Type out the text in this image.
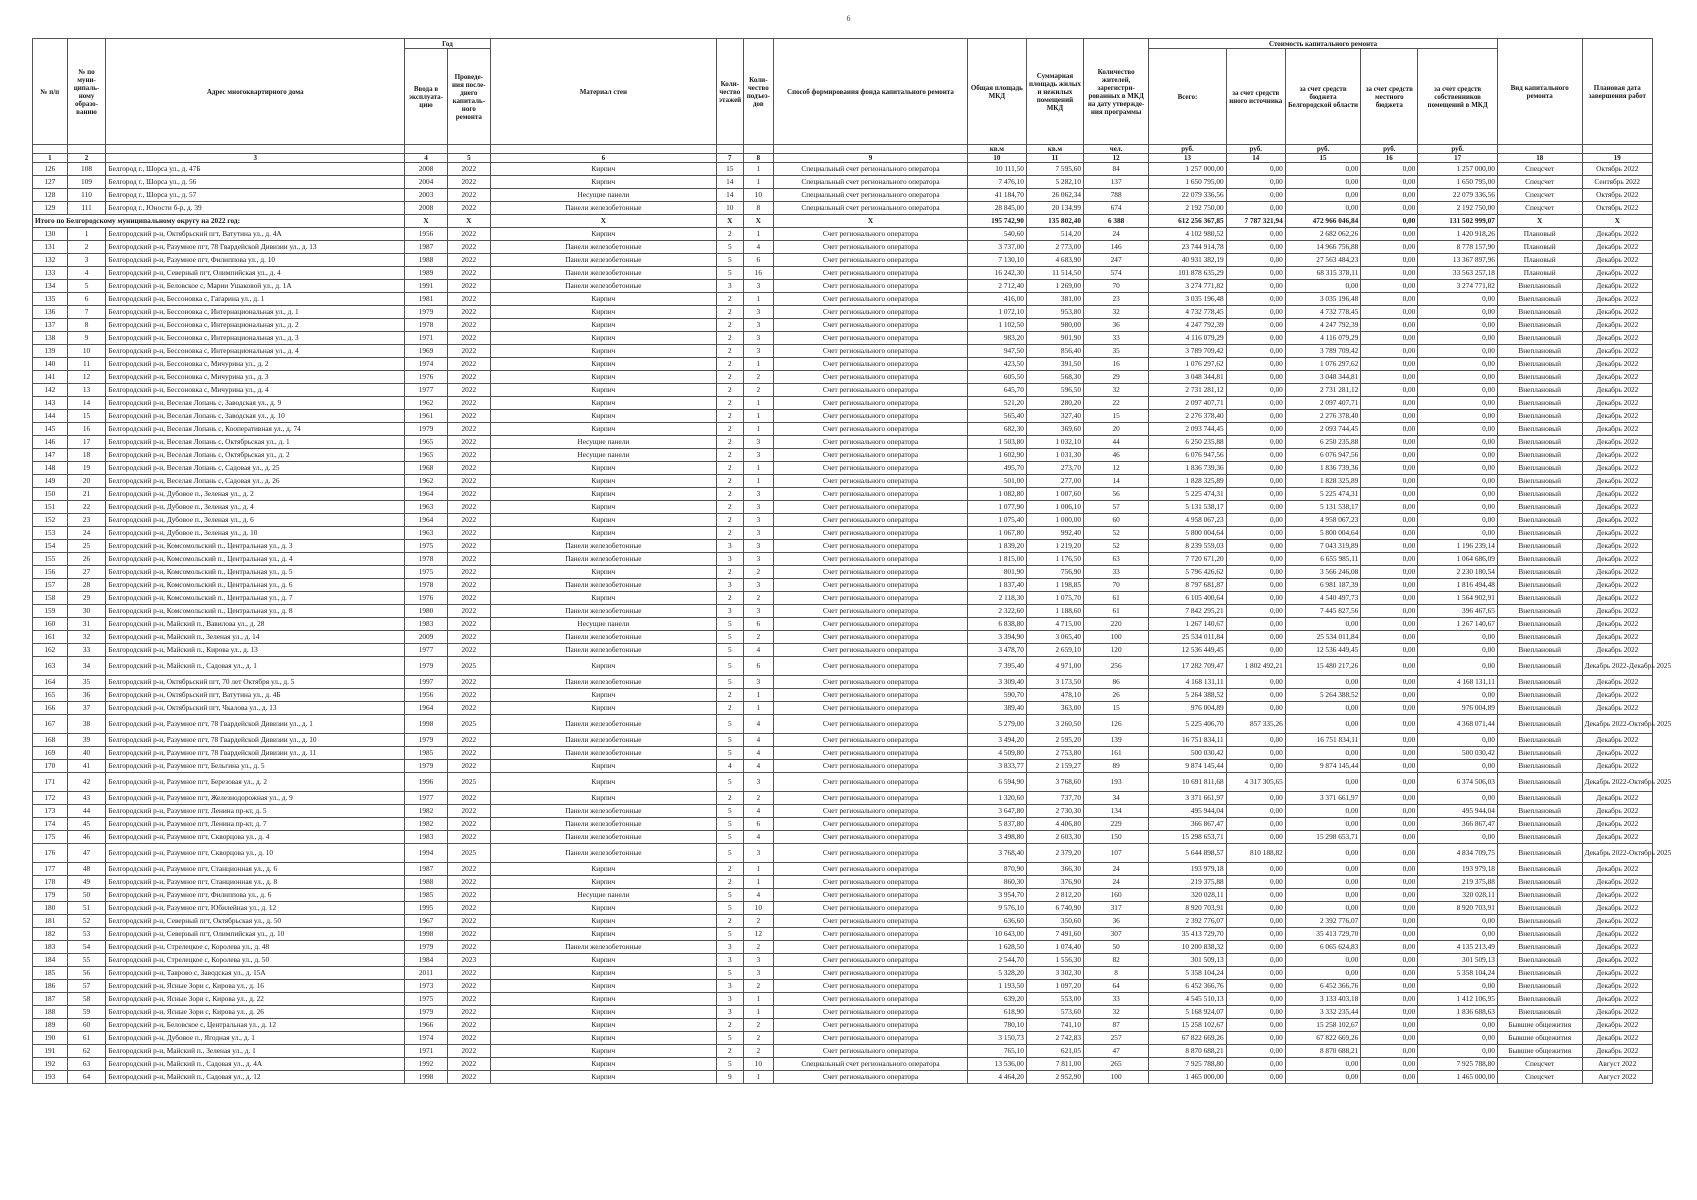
6
№ п/п	№ по муни-ципаль-ному образо-ванию	Адрес многоквартирного дома	Год		Материал стен	Коли-чество этажей	Коли-чество подъез-дов	Способ формирования фонда капитального ремонта	Общая площадь МКД	Суммарная площадь жилых и нежилых помещений МКД	Количество жителей, зарегистри-рованных в МКД на дату утвержде-ния программы	Стоимость капитального ремонта					Вид капитального ремонта	Плановая дата завершения работ
			Ввода в эксплуата-цию	Проведе-ния после-днего капиталь-ного ремонта								Всего:	за счет средств иного источника	за счет средств бюджета Белгородской области	за счет средств местного бюджета	за счет средств собственников помещений в МКД		
									кв.м	кв.м	чел.	руб.	руб.	руб.	руб.	руб.		
1	2	3	4	5	6	7	8	9	10	11	12	13	14	15	16	17	18	19
126	108	Белгород г., Шорса ул., д. 47Б	2008	2022	Кирпич	15	1	Специальный счет регионального оператора	10 111,50	7 595,60	84	1 257 000,00	0,00	0,00	0,00	1 257 000,00	Спецсчет	Октябрь 2022
127	109	Белгород г., Шорса ул., д. 56	2004	2022	Кирпич	14	1	Специальный счет регионального оператора	7 476,10	5 282,10	137	1 650 795,00	0,00	0,00	0,00	1 650 795,00	Спецсчет	Сентябрь 2022
128	110	Белгород г., Шорса ул., д. 57	2003	2022	Несущие панели	14	10	Специальный счет регионального оператора	41 184,70	26 062,34	788	22 079 336,56	0,00	0,00	0,00	22 079 336,56	Спецсчет	Октябрь 2022
129	111	Белгород г., Юности б-р, д. 39	2008	2022	Панели железобетонные	10	8	Специальный счет регионального оператора	28 845,00	20 134,99	674	2 192 750,00	0,00	0,00	0,00	2 192 750,00	Спецсчет	Октябрь 2022
Итого по Белгородскому муниципальному округу на 2022 год:			X	X	X	X	X	X	195 742,90	135 802,40	6 388	612 256 367,85	7 787 321,94	472 966 046,84	0,00	131 502 999,07	X	X
130	1	Белгородский р-н, Октябрьский пгт, Ватутина ул., д. 4А	1956	2022	Кирпич	2	1	Счет регионального оператора	540,60	514,20	24	4 102 980,52	0,00	2 682 062,26	0,00	1 420 918,26	Плановый	Декабрь 2022
131	2	Белгородский р-н, Разумное пгт, 78 Гвардейской Дивизии ул., д. 13	1987	2022	Панели железобетонные	5	4	Счет регионального оператора	3 737,00	2 773,00	146	23 744 914,78	0,00	14 966 756,88	0,00	8 778 157,90	Плановый	Декабрь 2022
132	3	Белгородский р-н, Разумное пгт, Филиппова ул., д. 10	1988	2022	Панели железобетонные	5	6	Счет регионального оператора	7 130,10	4 683,90	247	40 931 382,19	0,00	27 563 484,23	0,00	13 367 897,96	Плановый	Декабрь 2022
133	4	Белгородский р-н, Северный пгт, Олимпийская ул., д. 4	1989	2022	Панели железобетонные	5	16	Счет регионального оператора	16 242,30	11 514,50	574	101 878 635,29	0,00	68 315 378,11	0,00	33 563 257,18	Плановый	Декабрь 2022
134	5	Белгородский р-н, Беловское с, Марии Ушаковой ул., д. 1А	1991	2022	Панели железобетонные	3	3	Счет регионального оператора	2 712,40	1 269,00	70	3 274 771,82	0,00	0,00	0,00	3 274 771,82	Внеплановый	Декабрь 2022
135	6	Белгородский р-н, Бессоновка с, Гагарина ул., д. 1	1981	2022	Кирпич	2	1	Счет регионального оператора	416,00	381,00	23	3 035 196,48	0,00	3 035 196,48	0,00	0,00	Внеплановый	Декабрь 2022
136	7	Белгородский р-н, Бессоновка с, Интернациональная ул., д. 1	1979	2022	Кирпич	2	3	Счет регионального оператора	1 072,10	953,80	32	4 732 778,45	0,00	4 732 778,45	0,00	0,00	Внеплановый	Декабрь 2022
137	8	Белгородский р-н, Бессоновка с, Интернациональная ул., д. 2	1978	2022	Кирпич	2	3	Счет регионального оператора	1 102,50	980,00	36	4 247 792,39	0,00	4 247 792,39	0,00	0,00	Внеплановый	Декабрь 2022
138	9	Белгородский р-н, Бессоновка с, Интернациональная ул., д. 3	1971	2022	Кирпич	2	3	Счет регионального оператора	983,20	901,90	33	4 116 079,29	0,00	4 116 079,29	0,00	0,00	Внеплановый	Декабрь 2022
139	10	Белгородский р-н, Бессоновка с, Интернациональная ул., д. 4	1969	2022	Кирпич	2	3	Счет регионального оператора	947,50	856,40	35	3 789 709,42	0,00	3 789 709,42	0,00	0,00	Внеплановый	Декабрь 2022
140	11	Белгородский р-н, Бессоновка с, Мичурина ул., д. 2	1974	2022	Кирпич	2	1	Счет регионального оператора	423,50	391,50	16	1 076 297,62	0,00	1 076 297,62	0,00	0,00	Внеплановый	Декабрь 2022
141	12	Белгородский р-н, Бессоновка с, Мичурина ул., д. 3	1976	2022	Кирпич	2	2	Счет регионального оператора	605,50	568,30	29	3 048 344,81	0,00	3 048 344,81	0,00	0,00	Внеплановый	Декабрь 2022
142	13	Белгородский р-н, Бессоновка с, Мичурина ул., д. 4	1977	2022	Кирпич	2	2	Счет регионального оператора	645,70	596,50	32	2 731 281,12	0,00	2 731 281,12	0,00	0,00	Внеплановый	Декабрь 2022
143	14	Белгородский р-н, Веселая Лопань с, Заводская ул., д. 9	1962	2022	Кирпич	2	1	Счет регионального оператора	521,20	280,20	22	2 097 407,71	0,00	2 097 407,71	0,00	0,00	Внеплановый	Декабрь 2022
144	15	Белгородский р-н, Веселая Лопань с, Заводская ул., д. 10	1961	2022	Кирпич	2	1	Счет регионального оператора	565,40	327,40	15	2 276 378,40	0,00	2 276 378,40	0,00	0,00	Внеплановый	Декабрь 2022
145	16	Белгородский р-н, Веселая Лопань с, Кооперативная ул., д. 74	1979	2022	Кирпич	2	1	Счет регионального оператора	682,30	369,60	20	2 093 744,45	0,00	2 093 744,45	0,00	0,00	Внеплановый	Декабрь 2022
146	17	Белгородский р-н, Веселая Лопань с, Октябрьская ул., д. 1	1965	2022	Несущие панели	2	3	Счет регионального оператора	1 503,80	1 032,10	44	6 250 235,88	0,00	6 250 235,88	0,00	0,00	Внеплановый	Декабрь 2022
147	18	Белгородский р-н, Веселая Лопань с, Октябрьская ул., д. 2	1965	2022	Несущие панели	2	3	Счет регионального оператора	1 602,90	1 031,30	46	6 076 947,56	0,00	6 076 947,56	0,00	0,00	Внеплановый	Декабрь 2022
148	19	Белгородский р-н, Веселая Лопань с, Садовая ул., д. 25	1968	2022	Кирпич	2	1	Счет регионального оператора	495,70	273,70	12	1 836 739,36	0,00	1 836 739,36	0,00	0,00	Внеплановый	Декабрь 2022
149	20	Белгородский р-н, Веселая Лопань с, Садовая ул., д. 26	1962	2022	Кирпич	2	1	Счет регионального оператора	501,00	277,00	14	1 828 325,89	0,00	1 828 325,89	0,00	0,00	Внеплановый	Декабрь 2022
150	21	Белгородский р-н, Дубовое п., Зеленая ул., д. 2	1964	2022	Кирпич	2	3	Счет регионального оператора	1 082,80	1 007,60	56	5 225 474,31	0,00	5 225 474,31	0,00	0,00	Внеплановый	Декабрь 2022
151	22	Белгородский р-н, Дубовое п., Зеленая ул., д. 4	1963	2022	Кирпич	2	3	Счет регионального оператора	1 077,90	1 006,10	57	5 131 538,17	0,00	5 131 538,17	0,00	0,00	Внеплановый	Декабрь 2022
152	23	Белгородский р-н, Дубовое п., Зеленая ул., д. 6	1964	2022	Кирпич	2	3	Счет регионального оператора	1 075,40	1 000,00	60	4 958 067,23	0,00	4 958 067,23	0,00	0,00	Внеплановый	Декабрь 2022
153	24	Белгородский р-н, Дубовое п., Зеленая ул., д. 10	1963	2022	Кирпич	2	3	Счет регионального оператора	1 067,80	992,40	52	5 800 004,64	0,00	5 800 004,64	0,00	0,00	Внеплановый	Декабрь 2022
154	25	Белгородский р-н, Комсомольский п., Центральная ул., д. 3	1975	2022	Панели железобетонные	3	3	Счет регионального оператора	1 839,20	1 219,20	52	8 239 559,03	0,00	7 043 319,89	0,00	1 196 239,14	Внеплановый	Декабрь 2022
155	26	Белгородский р-н, Комсомольский п., Центральная ул., д. 4	1978	2022	Панели железобетонные	3	3	Счет регионального оператора	1 815,00	1 176,50	63	7 720 671,20	0,00	6 655 985,11	0,00	1 064 686,09	Внеплановый	Декабрь 2022
156	27	Белгородский р-н, Комсомольский п., Центральная ул., д. 5	1975	2022	Кирпич	2	2	Счет регионального оператора	801,90	756,90	33	5 796 426,62	0,00	3 566 246,08	0,00	2 230 180,54	Внеплановый	Декабрь 2022
157	28	Белгородский р-н, Комсомольский п., Центральная ул., д. 6	1978	2022	Панели железобетонные	3	3	Счет регионального оператора	1 837,40	1 198,85	70	8 797 681,87	0,00	6 981 187,39	0,00	1 816 494,48	Внеплановый	Декабрь 2022
158	29	Белгородский р-н, Комсомольский п., Центральная ул., д. 7	1976	2022	Кирпич	2	2	Счет регионального оператора	2 118,30	1 075,70	61	6 105 400,64	0,00	4 540 497,73	0,00	1 564 902,91	Внеплановый	Декабрь 2022
159	30	Белгородский р-н, Комсомольский п., Центральная ул., д. 8	1980	2022	Панели железобетонные	3	3	Счет регионального оператора	2 322,60	1 188,60	61	7 842 295,21	0,00	7 445 827,56	0,00	396 467,65	Внеплановый	Декабрь 2022
160	31	Белгородский р-н, Майский п., Вавилова ул., д. 28	1983	2022	Несущие панели	5	6	Счет регионального оператора	6 838,80	4 715,00	220	1 267 140,67	0,00	0,00	0,00	1 267 140,67	Внеплановый	Декабрь 2022
161	32	Белгородский р-н, Майский п., Зеленая ул., д. 14	2009	2022	Панели железобетонные	5	2	Счет регионального оператора	3 394,90	3 065,40	100	25 534 011,84	0,00	25 534 011,84	0,00	0,00	Внеплановый	Декабрь 2022
162	33	Белгородский р-н, Майский п., Кирова ул., д. 13	1977	2022	Панели железобетонные	5	4	Счет регионального оператора	3 478,70	2 659,10	120	12 536 449,45	0,00	12 536 449,45	0,00	0,00	Внеплановый	Декабрь 2022
163	34	Белгородский р-н, Майский п., Садовая ул., д. 1	1979	2025	Кирпич	5	6	Счет регионального оператора	7 395,40	4 971,00	256	17 282 709,47	1 802 492,21	15 480 217,26	0,00	0,00	Внеплановый	Декабрь 2022-Декабрь 2025
164	35	Белгородский р-н, Октябрьский пгт, 70 лет Октября ул., д. 5	1997	2022	Панели железобетонные	5	3	Счет регионального оператора	3 309,40	3 173,50	86	4 168 131,11	0,00	0,00	0,00	4 168 131,11	Внеплановый	Декабрь 2022
165	36	Белгородский р-н, Октябрьский пгт, Ватутина ул., д. 4Б	1956	2022	Кирпич	2	1	Счет регионального оператора	590,70	478,10	26	5 264 388,52	0,00	5 264 388,52	0,00	0,00	Внеплановый	Декабрь 2022
166	37	Белгородский р-н, Октябрьский пгт, Чкалова ул., д. 13	1964	2022	Кирпич	2	1	Счет регионального оператора	389,40	363,00	15	976 004,89	0,00	0,00	0,00	976 004,89	Внеплановый	Декабрь 2022
167	38	Белгородский р-н, Разумное пгт, 78 Гвардейской Дивизии ул., д. 1	1998	2025	Панели железобетонные	5	4	Счет регионального оператора	5 279,00	3 260,50	126	5 225 406,70	857 335,26	0,00	0,00	4 368 071,44	Внеплановый	Декабрь 2022-Октябрь 2025
168	39	Белгородский р-н, Разумное пгт, 78 Гвардейской Дивизии ул., д. 10	1979	2022	Панели железобетонные	5	4	Счет регионального оператора	3 494,20	2 595,20	139	16 751 834,11	0,00	16 751 834,11	0,00	0,00	Внеплановый	Декабрь 2022
169	40	Белгородский р-н, Разумное пгт, 78 Гвардейской Дивизии ул., д. 11	1985	2022	Панели железобетонные	5	4	Счет регионального оператора	4 509,80	2 753,80	161	500 030,42	0,00	0,00	0,00	500 030,42	Внеплановый	Декабрь 2022
170	41	Белгородский р-н, Разумное пгт, Бельгина ул., д. 5	1979	2022	Кирпич	4	4	Счет регионального оператора	3 833,77	2 159,27	89	9 874 145,44	0,00	9 874 145,44	0,00	0,00	Внеплановый	Декабрь 2022
171	42	Белгородский р-н, Разумное пгт, Березовая ул., д. 2	1996	2025	Кирпич	5	3	Счет регионального оператора	6 594,90	3 768,60	193	10 691 811,68	4 317 305,65	0,00	0,00	6 374 506,03	Внеплановый	Декабрь 2022-Октябрь 2025
172	43	Белгородский р-н, Разумное пгт, Железнодорожная ул., д. 9	1977	2022	Кирпич	2	2	Счет регионального оператора	1 320,60	737,70	34	3 371 661,97	0,00	3 371 661,97	0,00	0,00	Внеплановый	Декабрь 2022
173	44	Белгородский р-н, Разумное пгт, Ленина пр-кт, д. 5	1982	2022	Панели железобетонные	5	4	Счет регионального оператора	3 647,80	2 730,30	134	495 944,04	0,00	0,00	0,00	495 944,04	Внеплановый	Декабрь 2022
174	45	Белгородский р-н, Разумное пгт, Ленина пр-кт, д. 7	1982	2022	Панели железобетонные	5	6	Счет регионального оператора	5 837,80	4 406,80	229	366 867,47	0,00	0,00	0,00	366 867,47	Внеплановый	Декабрь 2022
175	46	Белгородский р-н, Разумное пгт, Скворцова ул., д. 4	1983	2022	Панели железобетонные	5	4	Счет регионального оператора	3 498,80	2 603,30	150	15 298 653,71	0,00	15 298 653,71	0,00	0,00	Внеплановый	Декабрь 2022
176	47	Белгородский р-н, Разумное пгт, Скворцова ул., д. 10	1994	2025	Панели железобетонные	5	3	Счет регионального оператора	3 768,40	2 379,20	107	5 644 898,57	810 188,82	0,00	0,00	4 834 709,75	Внеплановый	Декабрь 2022-Октябрь 2025
177	48	Белгородский р-н, Разумное пгт, Станционная ул., д. 6	1987	2022	Кирпич	2	1	Счет регионального оператора	870,90	366,30	24	193 979,18	0,00	0,00	0,00	193 979,18	Внеплановый	Декабрь 2022
178	49	Белгородский р-н, Разумное пгт, Станционная ул., д. 8	1988	2022	Кирпич	2	1	Счет регионального оператора	860,30	376,90	24	219 375,88	0,00	0,00	0,00	219 375,88	Внеплановый	Декабрь 2022
179	50	Белгородский р-н, Разумное пгт, Филиппова ул., д. 6	1985	2022	Несущие панели	5	4	Счет регионального оператора	3 954,70	2 812,20	160	320 028,11	0,00	0,00	0,00	320 028,11	Внеплановый	Декабрь 2022
180	51	Белгородский р-н, Разумное пгт, Юбилейная ул., д. 12	1995	2022	Кирпич	5	10	Счет регионального оператора	9 576,10	6 740,90	317	8 920 703,91	0,00	0,00	0,00	8 920 703,91	Внеплановый	Декабрь 2022
181	52	Белгородский р-н, Северный пгт, Октябрьская ул., д. 50	1967	2022	Кирпич	2	2	Счет регионального оператора	636,60	350,60	36	2 392 776,07	0,00	2 392 776,07	0,00	0,00	Внеплановый	Декабрь 2022
182	53	Белгородский р-н, Северный пгт, Олимпийская ул., д. 10	1998	2022	Кирпич	5	12	Счет регионального оператора	10 643,00	7 491,60	307	35 413 729,70	0,00	35 413 729,70	0,00	0,00	Внеплановый	Декабрь 2022
183	54	Белгородский р-н, Стрелецкое с, Королева ул., д. 48	1979	2022	Панели железобетонные	3	2	Счет регионального оператора	1 628,50	1 074,40	50	10 200 838,32	0,00	6 065 624,83	0,00	4 135 213,49	Внеплановый	Декабрь 2022
184	55	Белгородский р-н, Стрелецкое с, Королева ул., д. 50	1984	2023	Кирпич	3	3	Счет регионального оператора	2 544,70	1 556,30	82	301 509,13	0,00	0,00	0,00	301 509,13	Внеплановый	Декабрь 2022
185	56	Белгородский р-н, Таврово с, Заводская ул., д. 15А	2011	2022	Кирпич	5	3	Счет регионального оператора	5 328,20	3 302,30	8	5 358 104,24	0,00	0,00	0,00	5 358 104,24	Внеплановый	Декабрь 2022
186	57	Белгородский р-н, Ясные Зори с, Кирова ул., д. 16	1973	2022	Кирпич	3	2	Счет регионального оператора	1 193,50	1 097,20	64	6 452 366,76	0,00	6 452 366,76	0,00	0,00	Внеплановый	Декабрь 2022
187	58	Белгородский р-н, Ясные Зори с, Кирова ул., д. 22	1975	2022	Кирпич	3	1	Счет регионального оператора	639,20	553,00	33	4 545 510,13	0,00	3 133 403,18	0,00	1 412 106,95	Внеплановый	Декабрь 2022
188	59	Белгородский р-н, Ясные Зори с, Кирова ул., д. 26	1979	2022	Кирпич	3	1	Счет регионального оператора	618,90	573,60	32	5 168 924,07	0,00	3 332 235,44	0,00	1 836 688,63	Внеплановый	Декабрь 2022
189	60	Белгородский р-н, Беловское с, Центральная ул., д. 12	1966	2022	Кирпич	2	2	Счет регионального оператора	780,10	741,10	87	15 258 102,67	0,00	15 258 102,67	0,00	0,00	Бывшие общежития	Декабрь 2022
190	61	Белгородский р-н, Дубовое п., Ягодная ул., д. 1	1974	2022	Кирпич	5	2	Счет регионального оператора	3 150,73	2 742,83	257	67 822 669,26	0,00	67 822 669,26	0,00	0,00	Бывшие общежития	Декабрь 2022
191	62	Белгородский р-н, Майский п., Зеленая ул., д. 1	1971	2022	Кирпич	2	2	Счет регионального оператора	765,10	621,05	47	8 870 688,21	0,00	8 870 688,21	0,00	0,00	Бывшие общежития	Декабрь 2022
192	63	Белгородский р-н, Майский п., Садовая ул., д. 4А	1992	2022	Кирпич	5	10	Специальный счет регионального оператора	13 536,00	7 811,00	265	7 925 788,80	0,00	0,00	0,00	7 925 788,80	Спецсчет	Август 2022
193	64	Белгородский р-н, Майский п., Садовая ул., д. 12	1998	2022	Кирпич	9	1	Счет регионального оператора	4 464,20	2 952,90	100	1 465 000,00	0,00	0,00	0,00	1 465 000,00	Спецсчет	Август 2022
